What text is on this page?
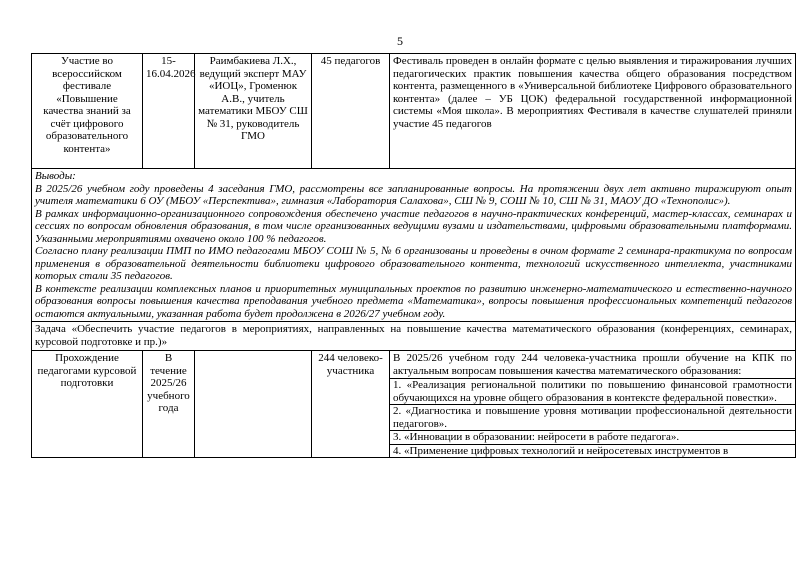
5
Участие во всероссийском фестивале «Повышение качества знаний за счёт цифрового образовательного контента»	15-16.04.2026	Раимбакиева Л.Х., ведущий эксперт МАУ «ИОЦ», Громенюк А.В., учитель математики МБОУ СШ № 31, руководитель ГМО	45 педагогов	Фестиваль проведен в онлайн формате с целью выявления и тиражирования лучших педагогических практик повышения качества общего образования посредством контента, размещенного в «Универсальной библиотеке Цифрового образовательного контента» (далее – УБ ЦОК) федеральной государственной информационной системы «Моя школа». В мероприятиях Фестиваля в качестве слушателей приняли участие 45 педагогов

Выводы:

В 2025/26 учебном году проведены 4 заседания ГМО, рассмотрены все запланированные вопросы. На протяжении двух лет активно тиражируют опыт учителя математики 6 ОУ (МБОУ «Перспектива», гимназия «Лаборатория Салахова», СШ № 9, СОШ № 10, СШ № 31, МАОУ ДО «Технополис»).

В рамках информационно-организационного сопровождения обеспечено участие педагогов в научно-практических конференций, мастер-классах, семинарах и сессиях по вопросам обновления образования, в том числе организованных ведущими вузами и издательствами, цифровыми образовательными платформами. Указанными мероприятиями охвачено около 100 % педагогов.

Согласно плану реализации ПМП по ИМО педагогами МБОУ СОШ № 5, № 6 организованы и проведены в очном формате 2 семинара-практикума по вопросам применения в образовательной деятельности библиотеки цифрового образовательного контента, технологий искусственного интеллекта, участниками которых стали 35 педагогов.

В контексте реализации комплексных планов и приоритетных муниципальных проектов по развитию инженерно-математического и естественно-научного образования вопросы повышения качества преподавания учебного предмета «Математика», вопросы повышения профессиональных компетенций педагогов остаются актуальными, указанная работа будет продолжена в 2026/27 учебном году.				

Задача «Обеспечить участие педагогов в мероприятиях, направленных на повышение качества математического образования (конференциях, семинарах, курсовой подготовке и пр.)»				
Прохождение педагогами курсовой подготовки	В течение 2025/26 учебного года		244 человеко-участника	В 2025/26 учебном году 244 человека-участника прошли обучение на КПК по актуальным вопросам повышения качества математического образования:
1. «Реализация региональной политики по повышению финансовой грамотности обучающихся на уровне общего образования в контексте федеральной повестки».
2. «Диагностика и повышение уровня мотивации профессиональной деятельности педагогов».
3. «Инновации в образовании: нейросети в работе педагога».
4. «Применение цифровых технологий и нейросетевых инструментов в
